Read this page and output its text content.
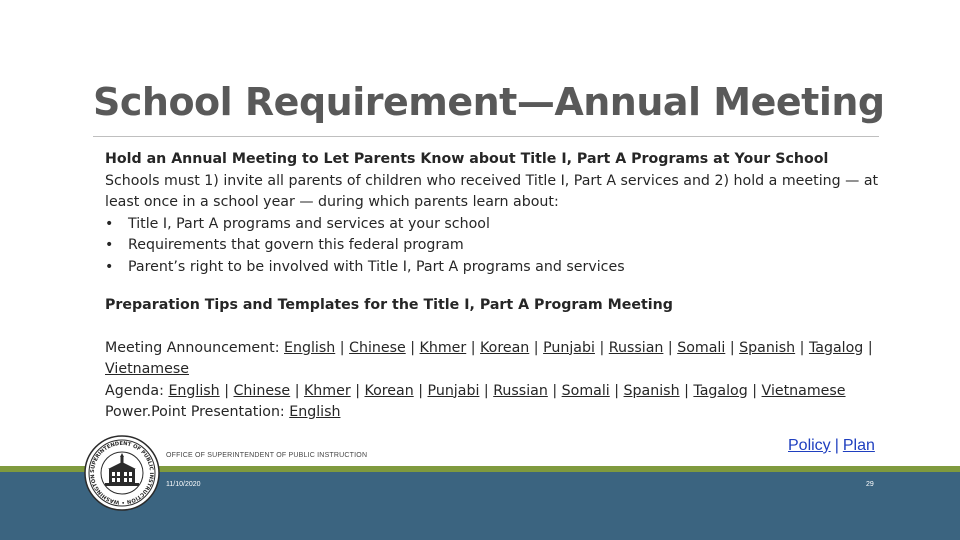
School Requirement—Annual Meeting

Hold an Annual Meeting to Let Parents Know about Title I, Part A Programs at Your School

Schools must 1) invite all parents of children who received Title I, Part A services and 2) hold a meeting — at least once in a school year — during which parents learn about:

• Title I, Part A programs and services at your school
• Requirements that govern this federal program
• Parent’s right to be involved with Title I, Part A programs and services

Preparation Tips and Templates for the Title I, Part A Program Meeting

Meeting Announcement: English | Chinese | Khmer | Korean | Punjabi | Russian | Somali | Spanish | Tagalog | Vietnamese

Agenda: English | Chinese | Khmer | Korean | Punjabi | Russian | Somali | Spanish | Tagalog | Vietnamese

Power.Point Presentation: English

Policy | Plan
OFFICE OF SUPERINTENDENT OF PUBLIC INSTRUCTION
11/10/2020	29
SUPERINTENDENT OF PUBLIC INSTRUCTION • WASHINGTON
